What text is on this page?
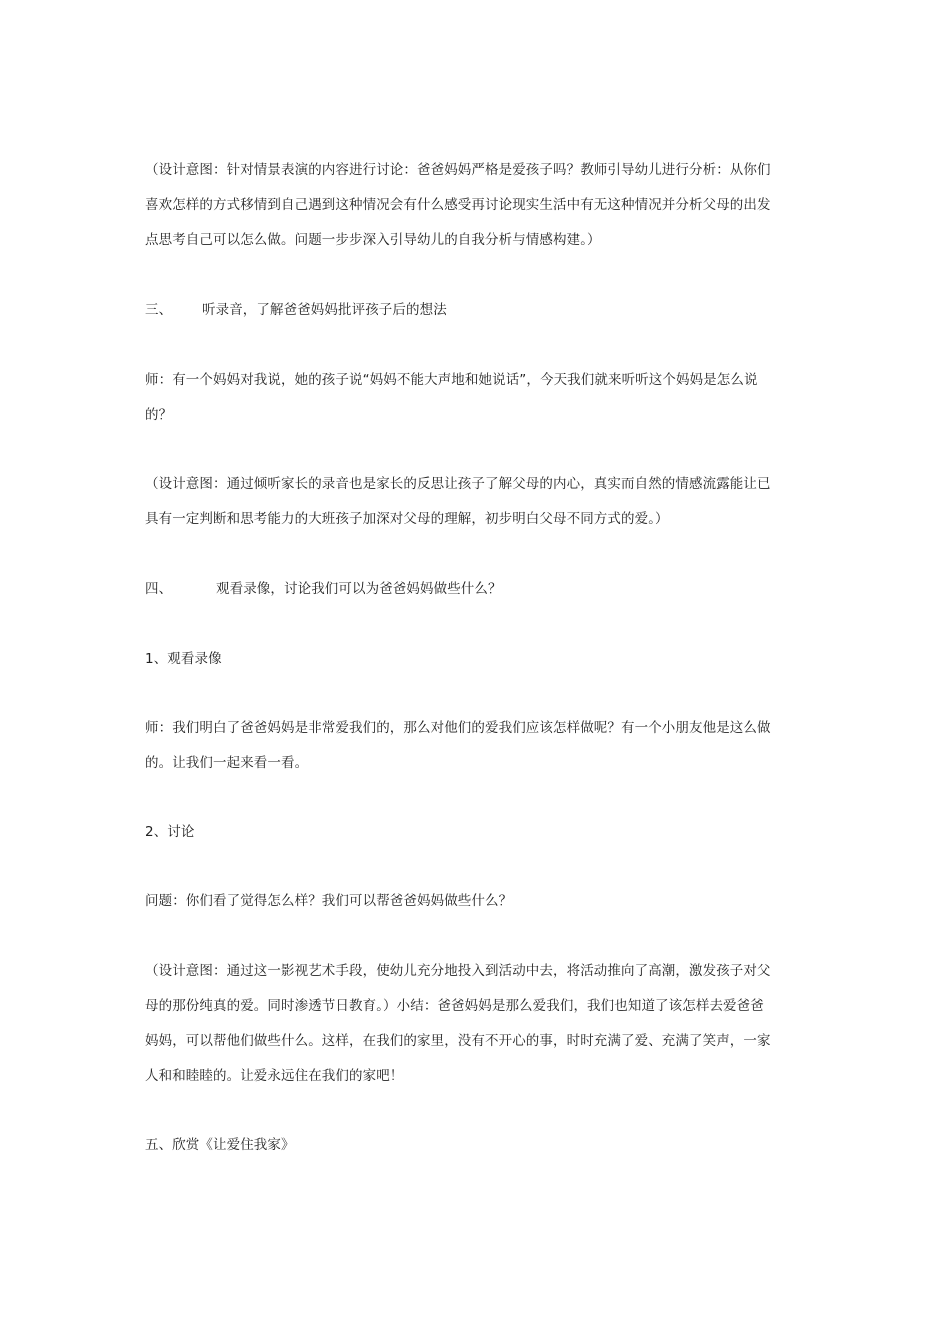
（设计意图：针对情景表演的内容进行讨论：爸爸妈妈严格是爱孩子吗？教师引导幼儿进行分析：从你们
喜欢怎样的方式移情到自己遇到这种情况会有什么感受再讨论现实生活中有无这种情况并分析父母的出发
点思考自己可以怎么做。问题一步步深入引导幼儿的自我分析与情感构建。）
三、 听录音，了解爸爸妈妈批评孩子后的想法
师：有一个妈妈对我说，她的孩子说“妈妈不能大声地和她说话”，今天我们就来听听这个妈妈是怎么说
的？
（设计意图：通过倾听家长的录音也是家长的反思让孩子了解父母的内心，真实而自然的情感流露能让已
具有一定判断和思考能力的大班孩子加深对父母的理解，初步明白父母不同方式的爱。）
四、	观看录像，讨论我们可以为爸爸妈妈做些什么？
1、观看录像
师：我们明白了爸爸妈妈是非常爱我们的，那么对他们的爱我们应该怎样做呢？有一个小朋友他是这么做
的。让我们一起来看一看。
2、讨论
问题：你们看了觉得怎么样？我们可以帮爸爸妈妈做些什么？
（设计意图：通过这一影视艺术手段，使幼儿充分地投入到活动中去，将活动推向了高潮，激发孩子对父
母的那份纯真的爱。同时渗透节日教育。）小结：爸爸妈妈是那么爱我们，我们也知道了该怎样去爱爸爸
妈妈，可以帮他们做些什么。这样，在我们的家里，没有不开心的事，时时充满了爱、充满了笑声，一家
人和和睦睦的。让爱永远住在我们的家吧！
五、欣赏《让爱住我家》
